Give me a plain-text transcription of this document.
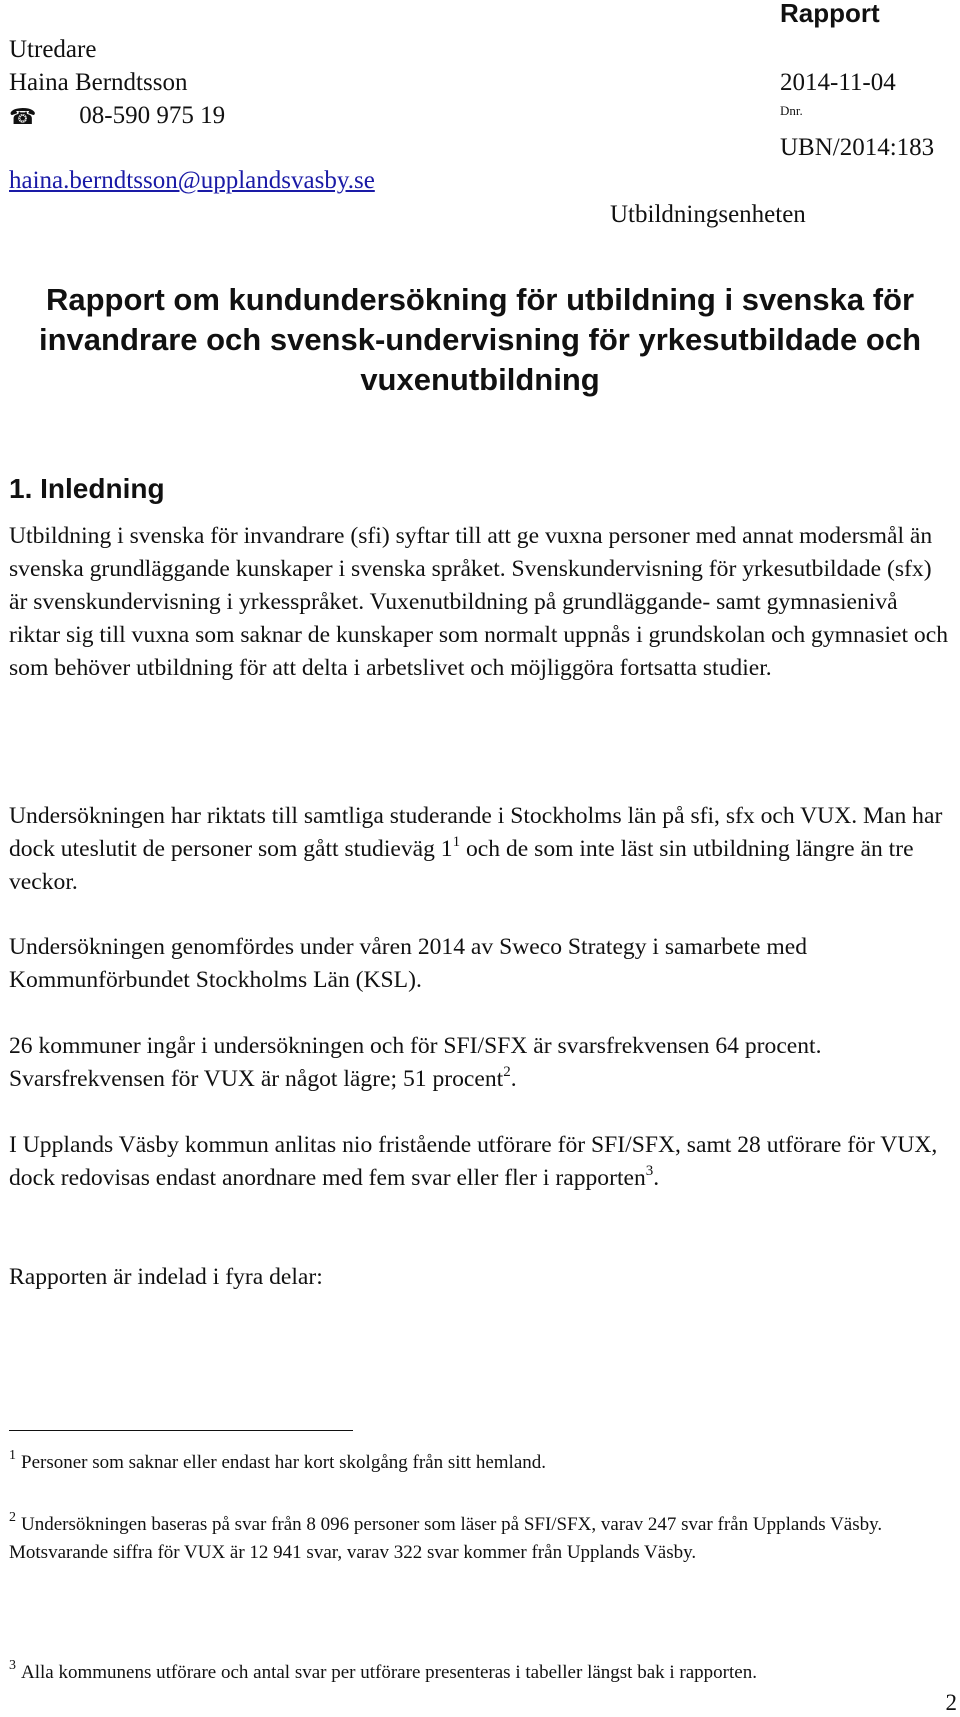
Rapport
Utredare
Haina Berndtsson
☎ 08-590 975 19
haina.berndtsson@upplandsvasby.se
2014-11-04
Dnr.
UBN/2014:183
Utbildningsenheten
Rapport om kundundersökning för utbildning i svenska för invandrare och svensk-undervisning för yrkesutbildade och vuxenutbildning
1. Inledning

Utbildning i svenska för invandrare (sfi) syftar till att ge vuxna personer med annat modersmål än svenska grundläggande kunskaper i svenska språket. Svenskundervisning för yrkesutbildade (sfx) är svenskundervisning i yrkesspråket. Vuxenutbildning på grundläggande- samt gymnasienivå riktar sig till vuxna som saknar de kunskaper som normalt uppnås i grundskolan och gymnasiet och som behöver utbildning för att delta i arbetslivet och möjliggöra fortsatta studier.

Undersökningen har riktats till samtliga studerande i Stockholms län på sfi, sfx och VUX. Man har dock uteslutit de personer som gått studieväg $1^1$ och de som inte läst sin utbildning längre än tre veckor.

Undersökningen genomfördes under våren 2014 av Sweco Strategy i samarbete med Kommunförbundet Stockholms Län (KSL).

26 kommuner ingår i undersökningen och för SFI/SFX är svarsfrekvensen 64 procent. Svarsfrekvensen för VUX är något lägre; 51 procent$^2$.

I Upplands Väsby kommun anlitas nio fristående utförare för SFI/SFX, samt 28 utförare för VUX, dock redovisas endast anordnare med fem svar eller fler i rapporten$^3$.

Rapporten är indelad i fyra delar:

$^1$ Personer som saknar eller endast har kort skolgång från sitt hemland.

$^2$ Undersökningen baseras på svar från 8 096 personer som läser på SFI/SFX, varav 247 svar från Upplands Väsby. Motsvarande siffra för VUX är 12 941 svar, varav 322 svar kommer från Upplands Väsby.

$^3$ Alla kommunens utförare och antal svar per utförare presenteras i tabeller längst bak i rapporten.

2
